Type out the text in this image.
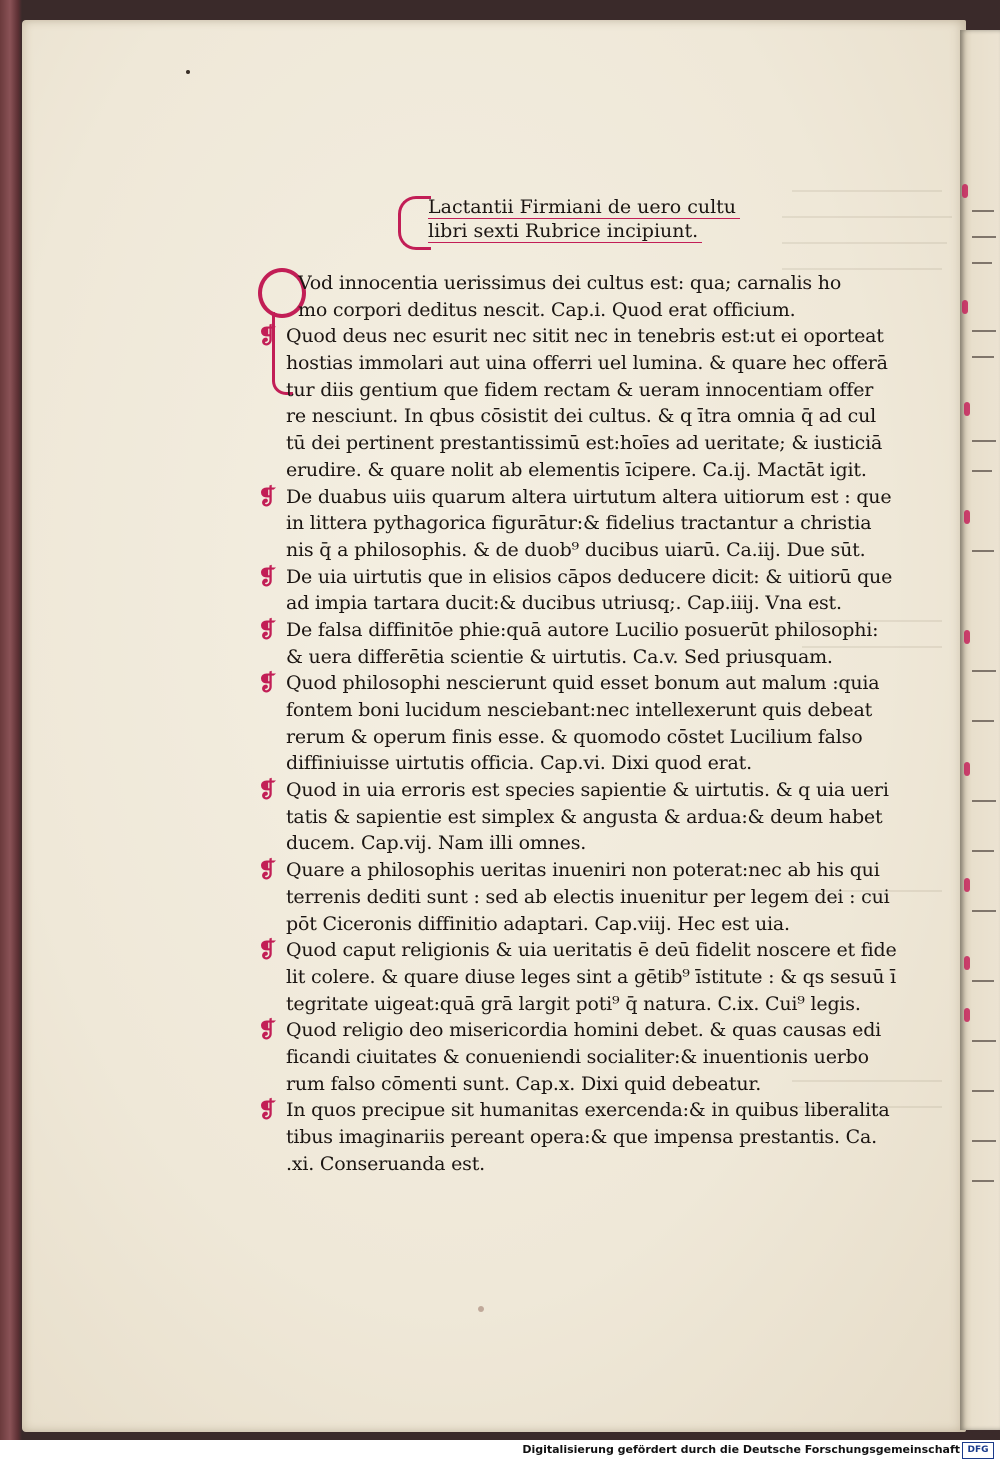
Lactantii Firmiani de uero cultu
libri sexti Rubrice incipiunt.
Vod innocentia uerissimus dei cultus est: qua; carnalis ho
mo corpori deditus nescit. Cap.i. Quod erat officium.
❡ Quod deus nec esurit nec sitit nec in tenebris est:ut ei oporteat
hostias immolari aut uina offerri uel lumina. & quare hec offerā
tur diis gentium que fidem rectam & ueram innocentiam offer
re nesciunt. In qbus cōsistit dei cultus. & q ītra omnia q̄ ad cul
tū dei pertinent prestantissimū est:hoīes ad ueritate; & iusticiā
erudire. & quare nolit ab elementis īcipere. Ca.ij. Mactāt igit.
❡ De duabus uiis quarum altera uirtutum altera uitiorum est : que
in littera pythagorica figurātur:& fidelius tractantur a christia
nis q̄ a philosophis. & de duob⁹ ducibus uiarū. Ca.iij. Due sūt.
❡ De uia uirtutis que in elisios cāpos deducere dicit: & uitiorū que
ad impia tartara ducit:& ducibus utriusq;. Cap.iiij. Vna est.
❡ De falsa diffinitōe phie:quā autore Lucilio posuerūt philosophi:
& uera differētia scientie & uirtutis. Ca.v. Sed priusquam.
❡ Quod philosophi nescierunt quid esset bonum aut malum :quia
fontem boni lucidum nesciebant:nec intellexerunt quis debeat
rerum & operum finis esse. & quomodo cōstet Lucilium falso
diffiniuisse uirtutis officia. Cap.vi. Dixi quod erat.
❡ Quod in uia erroris est species sapientie & uirtutis. & q uia ueri
tatis & sapientie est simplex & angusta & ardua:& deum habet
ducem. Cap.vij. Nam illi omnes.
❡ Quare a philosophis ueritas inueniri non poterat:nec ab his qui
terrenis dediti sunt : sed ab electis inuenitur per legem dei : cui
pōt Ciceronis diffinitio adaptari. Cap.viij. Hec est uia.
❡ Quod caput religionis & uia ueritatis ē deū fidelit noscere et fide
lit colere. & quare diuse leges sint a gētib⁹ īstitute : & qs sesuū ī
tegritate uigeat:quā grā largit poti⁹ q̄ natura. C.ix. Cui⁹ legis.
❡ Quod religio deo misericordia homini debet. & quas causas edi
ficandi ciuitates & conueniendi socialiter:& inuentionis uerbo
rum falso cōmenti sunt. Cap.x. Dixi quid debeatur.
❡ In quos precipue sit humanitas exercenda:& in quibus liberalita
tibus imaginariis pereant opera:& que impensa prestantis. Ca.
.xi. Conseruanda est.
Digitalisierung gefördert durch die Deutsche Forschungsgemeinschaft DFG
